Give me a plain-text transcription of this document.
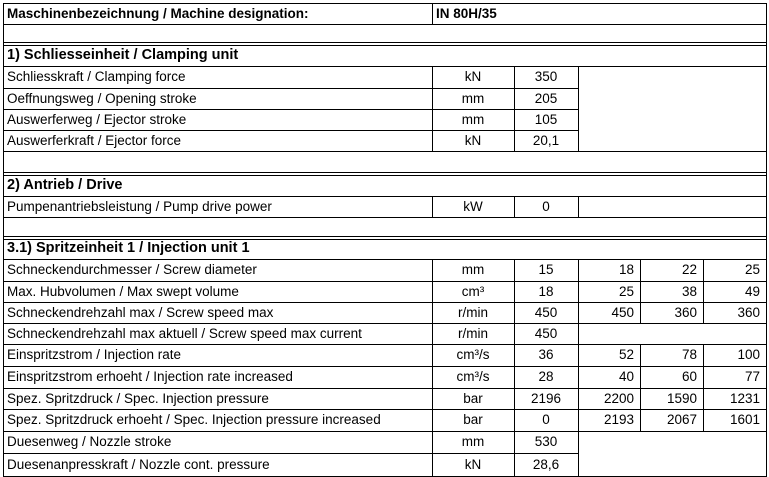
Maschinenbezeichnung / Machine designation:	IN 80H/35
1) Schliesseinheit / Clamping unit
Schliesskraft / Clamping force	kN	350
Oeffnungsweg / Opening stroke	mm	205
Auswerferweg / Ejector stroke	mm	105
Auswerferkraft / Ejector force	kN	20,1
2) Antrieb / Drive
Pumpenantriebsleistung / Pump drive power	kW	0
3.1) Spritzeinheit 1 / Injection unit 1
Schneckendurchmesser / Screw diameter	mm	15	18	22	25
Max. Hubvolumen / Max swept volume	cm³	18	25	38	49
Schneckendrehzahl max / Screw speed max	r/min	450	450	360	360
Schneckendrehzahl max aktuell / Screw speed max current	r/min	450
Einspritzstrom / Injection rate	cm³/s	36	52	78	100
Einspritzstrom erhoeht / Injection rate increased	cm³/s	28	40	60	77
Spez. Spritzdruck / Spec. Injection pressure	bar	2196	2200	1590	1231
Spez. Spritzdruck erhoeht / Spec. Injection pressure increased	bar	0	2193	2067	1601
Duesenweg / Nozzle stroke	mm	530
Duesenanpresskraft / Nozzle cont. pressure	kN	28,6
